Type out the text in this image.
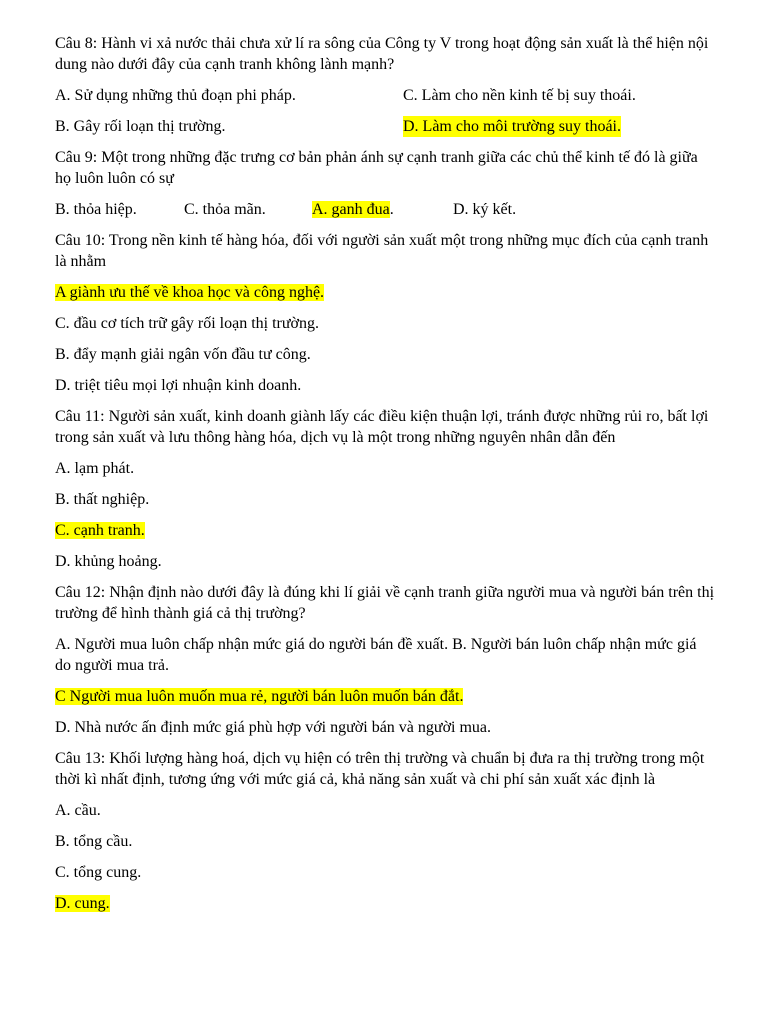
Câu 8: Hành vi xả nước thải chưa xử lí ra sông của Công ty V trong hoạt động sản xuất là thể hiện nội dung nào dưới đây của cạnh tranh không lành mạnh?

A. Sử dụng những thủ đoạn phi pháp.	C. Làm cho nền kinh tế bị suy thoái.
B. Gây rối loạn thị trường.	D. Làm cho môi trường suy thoái.

Câu 9: Một trong những đặc trưng cơ bản phản ánh sự cạnh tranh giữa các chủ thể kinh tế đó là giữa họ luôn luôn có sự

B. thỏa hiệp.	C. thỏa mãn.	A. ganh đua.	D. ký kết.

Câu 10: Trong nền kinh tế hàng hóa, đối với người sản xuất một trong những mục đích của cạnh tranh là nhằm

A giành ưu thế về khoa học và công nghệ.

C. đầu cơ tích trữ gây rối loạn thị trường.

B. đẩy mạnh giải ngân vốn đầu tư công.

D. triệt tiêu mọi lợi nhuận kinh doanh.

Câu 11: Người sản xuất, kinh doanh giành lấy các điều kiện thuận lợi, tránh được những rủi ro, bất lợi trong sản xuất và lưu thông hàng hóa, dịch vụ là một trong những nguyên nhân dẫn đến

A. lạm phát.

B. thất nghiệp.

C. cạnh tranh.

D. khủng hoảng.

Câu 12: Nhận định nào dưới đây là đúng khi lí giải về cạnh tranh giữa người mua và người bán trên thị trường để hình thành giá cả thị trường?

A. Người mua luôn chấp nhận mức giá do người bán đề xuất. B. Người bán luôn chấp nhận mức giá do người mua trả.

C Người mua luôn muốn mua rẻ, người bán luôn muốn bán đắt.

D. Nhà nước ấn định mức giá phù hợp với người bán và người mua.

Câu 13: Khối lượng hàng hoá, dịch vụ hiện có trên thị trường và chuẩn bị đưa ra thị trường trong một thời kì nhất định, tương ứng với mức giá cả, khả năng sản xuất và chi phí sản xuất xác định là

A. cầu.

B. tổng cầu.

C. tổng cung.

D. cung.
